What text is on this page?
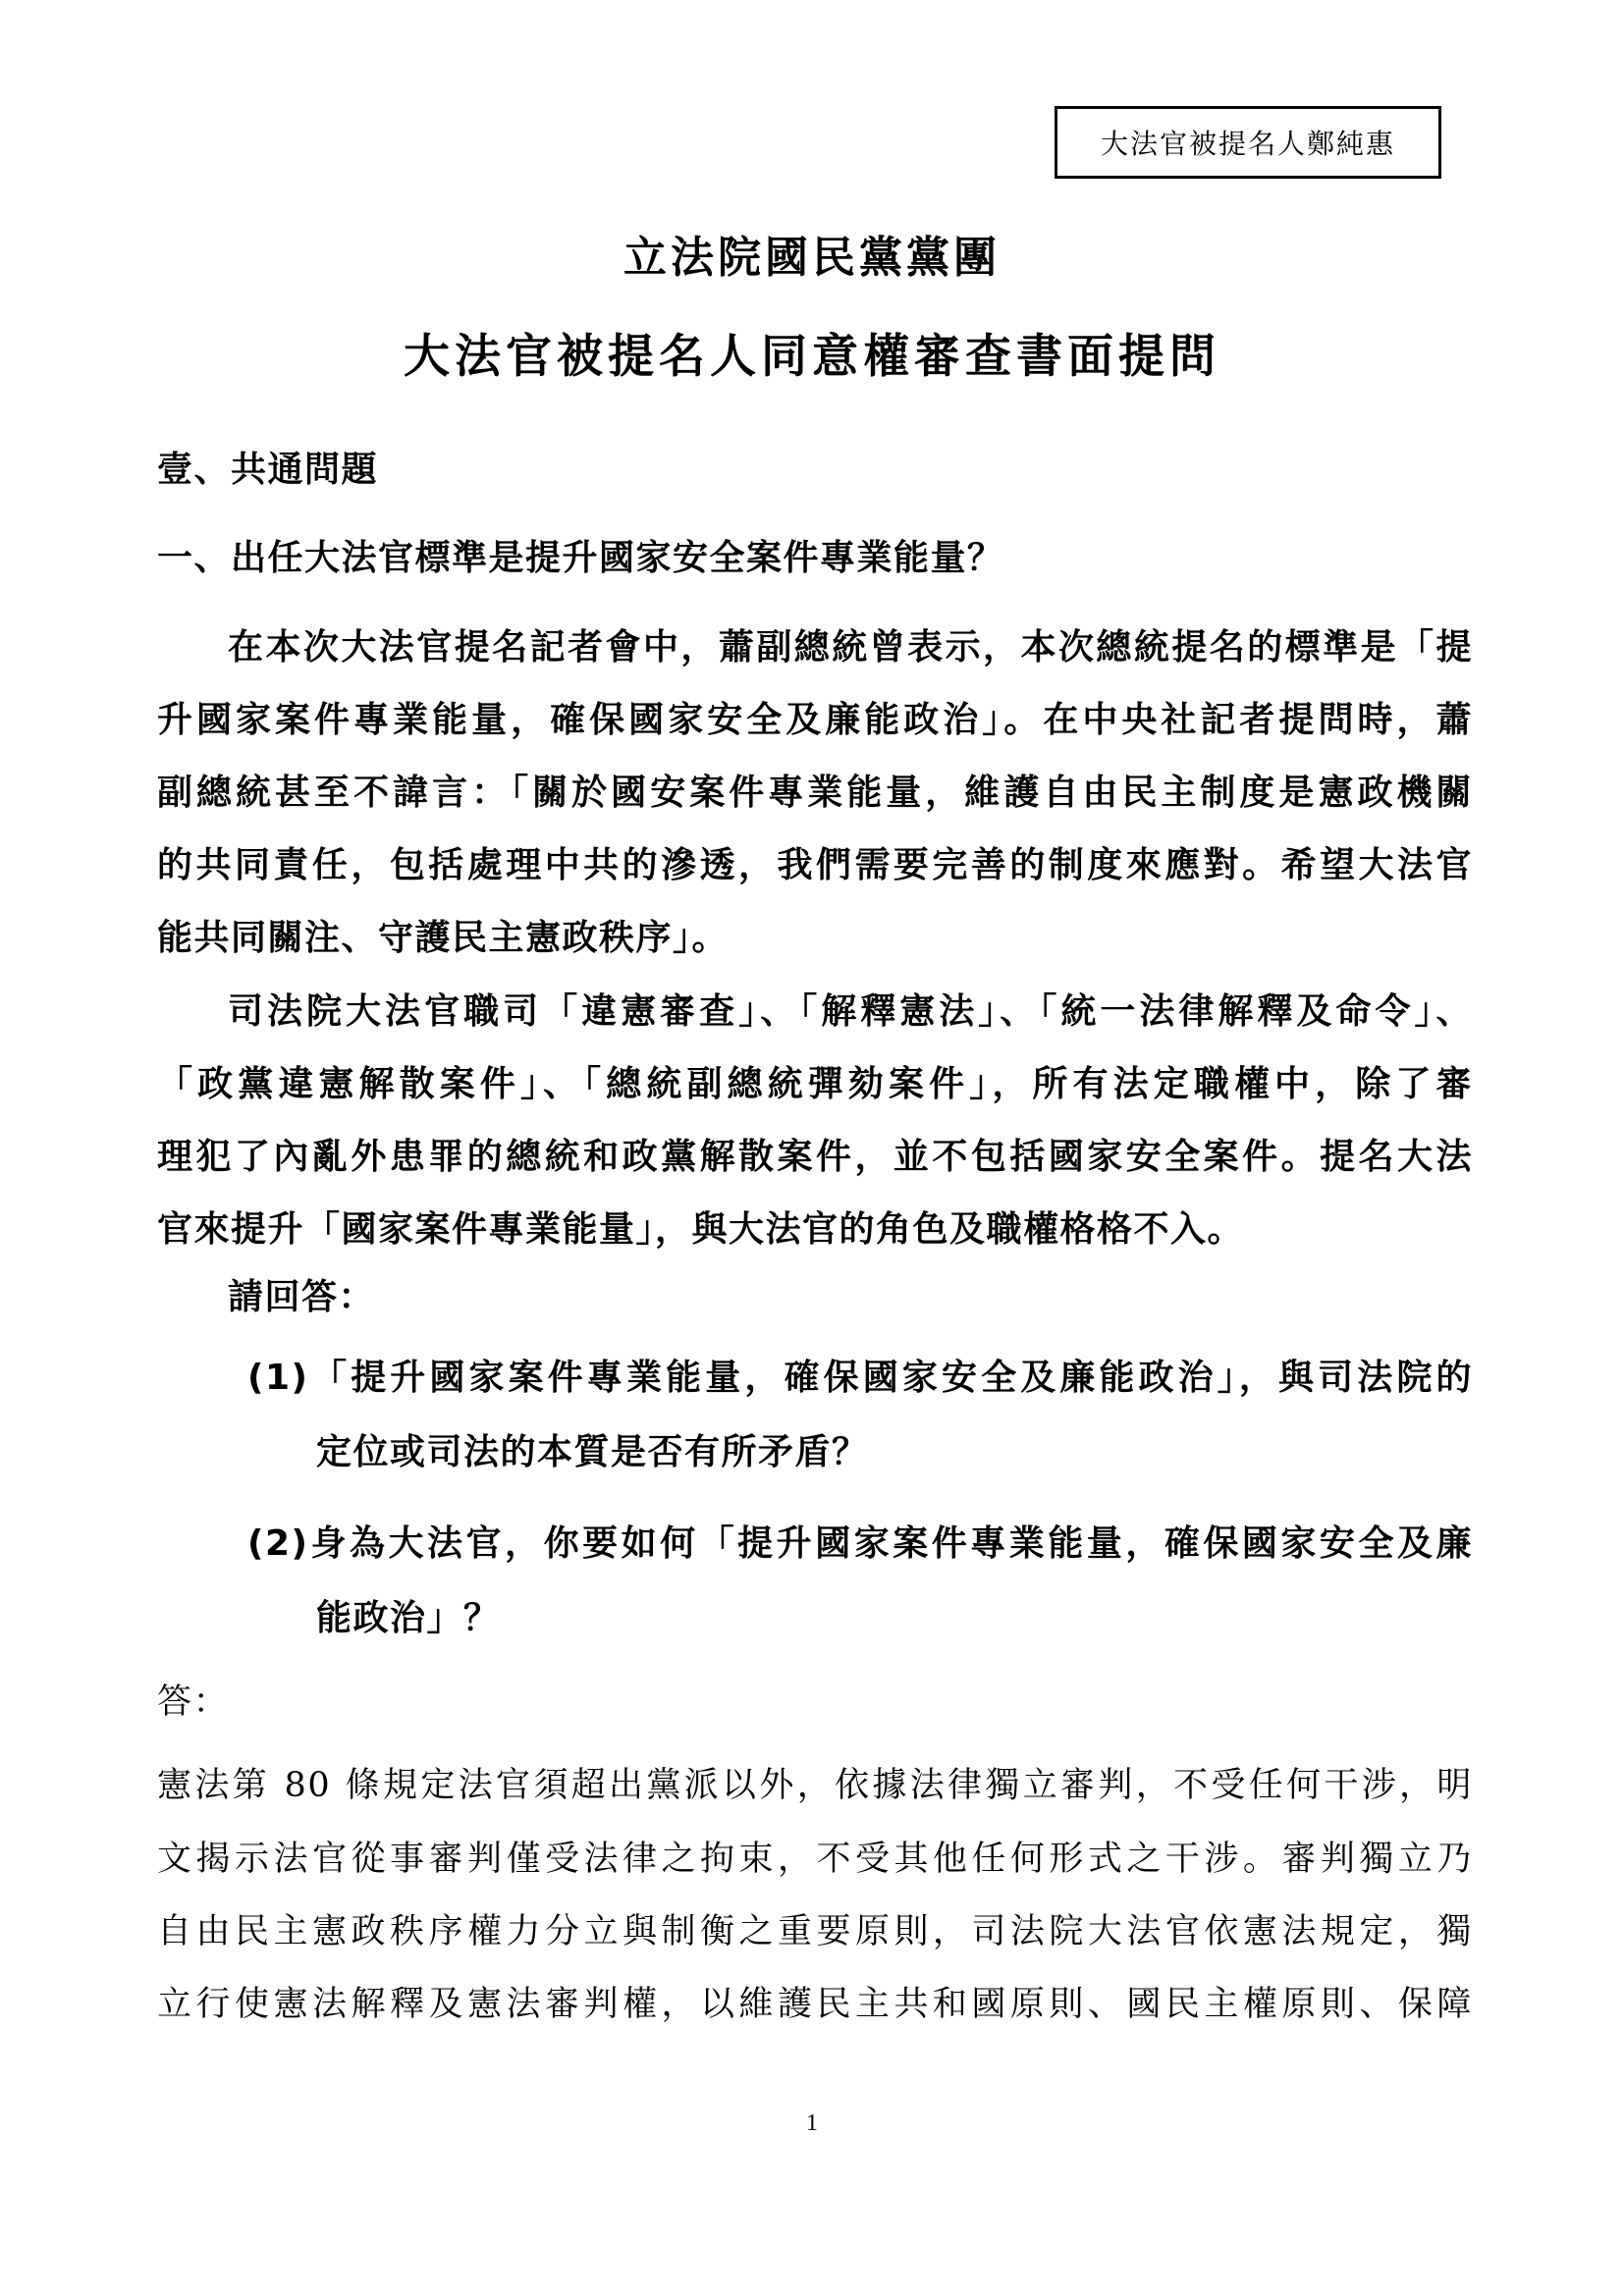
大法官被提名人鄭純惠
立法院國民黨黨團
大法官被提名人同意權審查書面提問
壹、共通問題
一、出任大法官標準是提升國家安全案件專業能量？
在本次大法官提名記者會中，蕭副總統曾表示，本次總統提名的標準是「提
升國家案件專業能量，確保國家安全及廉能政治」。在中央社記者提問時，蕭
副總統甚至不諱言：「關於國安案件專業能量，維護自由民主制度是憲政機關
的共同責任，包括處理中共的滲透，我們需要完善的制度來應對。希望大法官
能共同關注、守護民主憲政秩序」。
司法院大法官職司「違憲審查」、「解釋憲法」、「統一法律解釋及命令」、
「政黨違憲解散案件」、「總統副總統彈劾案件」，所有法定職權中，除了審
理犯了內亂外患罪的總統和政黨解散案件，並不包括國家安全案件。提名大法
官來提升「國家案件專業能量」，與大法官的角色及職權格格不入。
請回答：
(1)「提升國家案件專業能量，確保國家安全及廉能政治」，與司法院的
定位或司法的本質是否有所矛盾？
(2)身為大法官，你要如何「提升國家案件專業能量，確保國家安全及廉
能政治」？
答：
憲法第 80 條規定法官須超出黨派以外，依據法律獨立審判，不受任何干涉，明
文揭示法官從事審判僅受法律之拘束，不受其他任何形式之干涉。審判獨立乃
自由民主憲政秩序權力分立與制衡之重要原則，司法院大法官依憲法規定，獨
立行使憲法解釋及憲法審判權，以維護民主共和國原則、國民主權原則、保障
1
